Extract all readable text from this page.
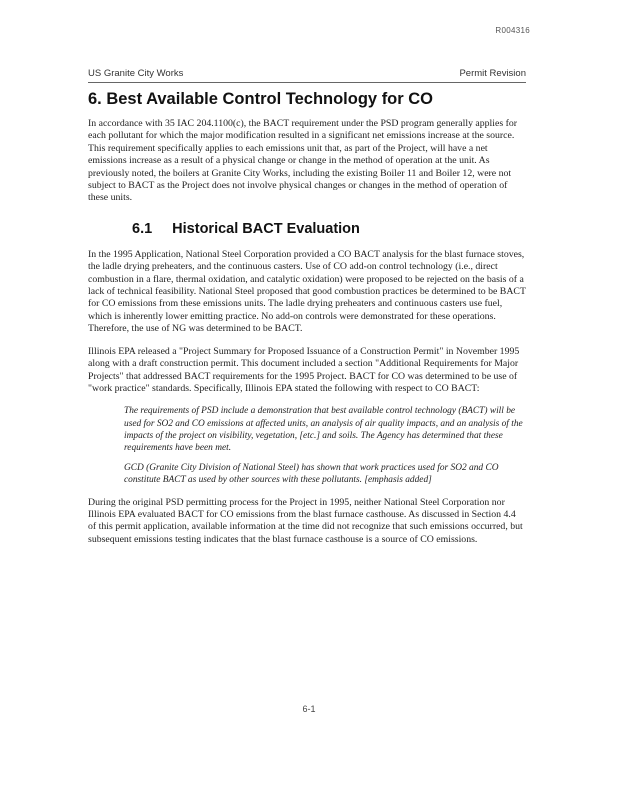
R004316
US Granite City Works	Permit Revision
6. Best Available Control Technology for CO

In accordance with 35 IAC 204.1100(c), the BACT requirement under the PSD program generally applies for each pollutant for which the major modification resulted in a significant net emissions increase at the source. This requirement specifically applies to each emissions unit that, as part of the Project, will have a net emissions increase as a result of a physical change or change in the method of operation at the unit. As previously noted, the boilers at Granite City Works, including the existing Boiler 11 and Boiler 12, were not subject to BACT as the Project does not involve physical changes or changes in the method of operation of these units.

6.1 Historical BACT Evaluation

In the 1995 Application, National Steel Corporation provided a CO BACT analysis for the blast furnace stoves, the ladle drying preheaters, and the continuous casters. Use of CO add-on control technology (i.e., direct combustion in a flare, thermal oxidation, and catalytic oxidation) were proposed to be rejected on the basis of a lack of technical feasibility. National Steel proposed that good combustion practices be determined to be BACT for CO emissions from these emissions units. The ladle drying preheaters and continuous casters use fuel, which is inherently lower emitting practice. No add-on controls were demonstrated for these operations. Therefore, the use of NG was determined to be BACT.

Illinois EPA released a "Project Summary for Proposed Issuance of a Construction Permit" in November 1995 along with a draft construction permit. This document included a section "Additional Requirements for Major Projects" that addressed BACT requirements for the 1995 Project. BACT for CO was determined to be use of "work practice" standards. Specifically, Illinois EPA stated the following with respect to CO BACT:

The requirements of PSD include a demonstration that best available control technology (BACT) will be used for SO2 and CO emissions at affected units, an analysis of air quality impacts, and an analysis of the impacts of the project on visibility, vegetation, [etc.] and soils. The Agency has determined that these requirements have been met.

GCD (Granite City Division of National Steel) has shown that work practices used for SO2 and CO constitute BACT as used by other sources with these pollutants. [emphasis added]

During the original PSD permitting process for the Project in 1995, neither National Steel Corporation nor Illinois EPA evaluated BACT for CO emissions from the blast furnace casthouse. As discussed in Section 4.4 of this permit application, available information at the time did not recognize that such emissions occurred, but subsequent emissions testing indicates that the blast furnace casthouse is a source of CO emissions.

6-1
